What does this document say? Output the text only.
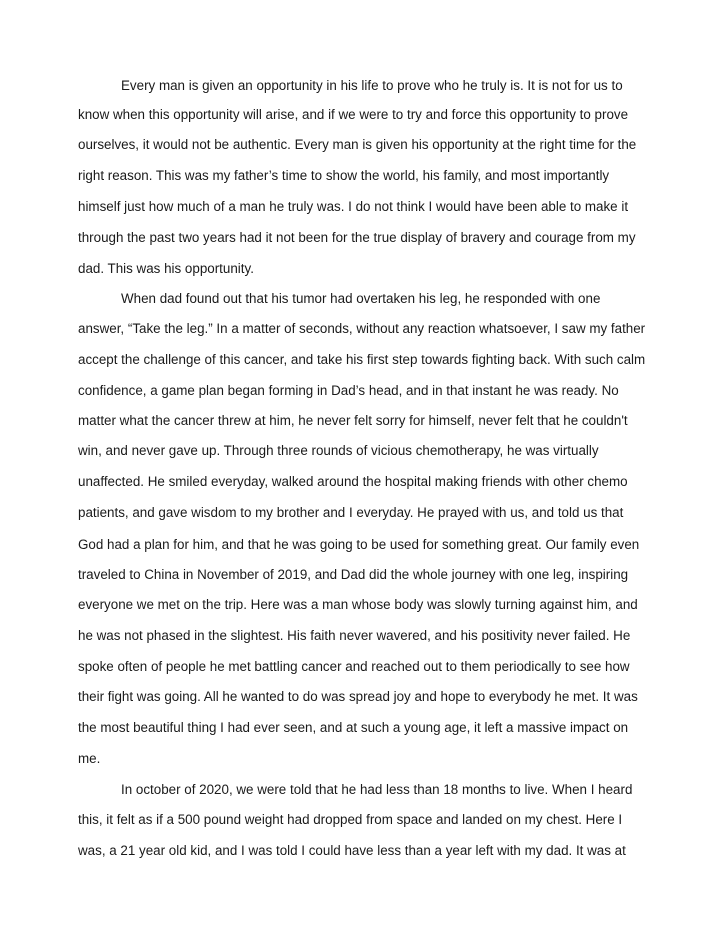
Every man is given an opportunity in his life to prove who he truly is. It is not for us to
know when this opportunity will arise, and if we were to try and force this opportunity to prove
ourselves, it would not be authentic. Every man is given his opportunity at the right time for the
right reason. This was my father’s time to show the world, his family, and most importantly
himself just how much of a man he truly was. I do not think I would have been able to make it
through the past two years had it not been for the true display of bravery and courage from my
dad. This was his opportunity.
When dad found out that his tumor had overtaken his leg, he responded with one
answer, “Take the leg.” In a matter of seconds, without any reaction whatsoever, I saw my father
accept the challenge of this cancer, and take his first step towards fighting back. With such calm
confidence, a game plan began forming in Dad’s head, and in that instant he was ready. No
matter what the cancer threw at him, he never felt sorry for himself, never felt that he couldn't
win, and never gave up. Through three rounds of vicious chemotherapy, he was virtually
unaffected. He smiled everyday, walked around the hospital making friends with other chemo
patients, and gave wisdom to my brother and I everyday. He prayed with us, and told us that
God had a plan for him, and that he was going to be used for something great. Our family even
traveled to China in November of 2019, and Dad did the whole journey with one leg, inspiring
everyone we met on the trip. Here was a man whose body was slowly turning against him, and
he was not phased in the slightest. His faith never wavered, and his positivity never failed. He
spoke often of people he met battling cancer and reached out to them periodically to see how
their fight was going. All he wanted to do was spread joy and hope to everybody he met. It was
the most beautiful thing I had ever seen, and at such a young age, it left a massive impact on
me.
In october of 2020, we were told that he had less than 18 months to live. When I heard
this, it felt as if a 500 pound weight had dropped from space and landed on my chest. Here I
was, a 21 year old kid, and I was told I could have less than a year left with my dad. It was at
